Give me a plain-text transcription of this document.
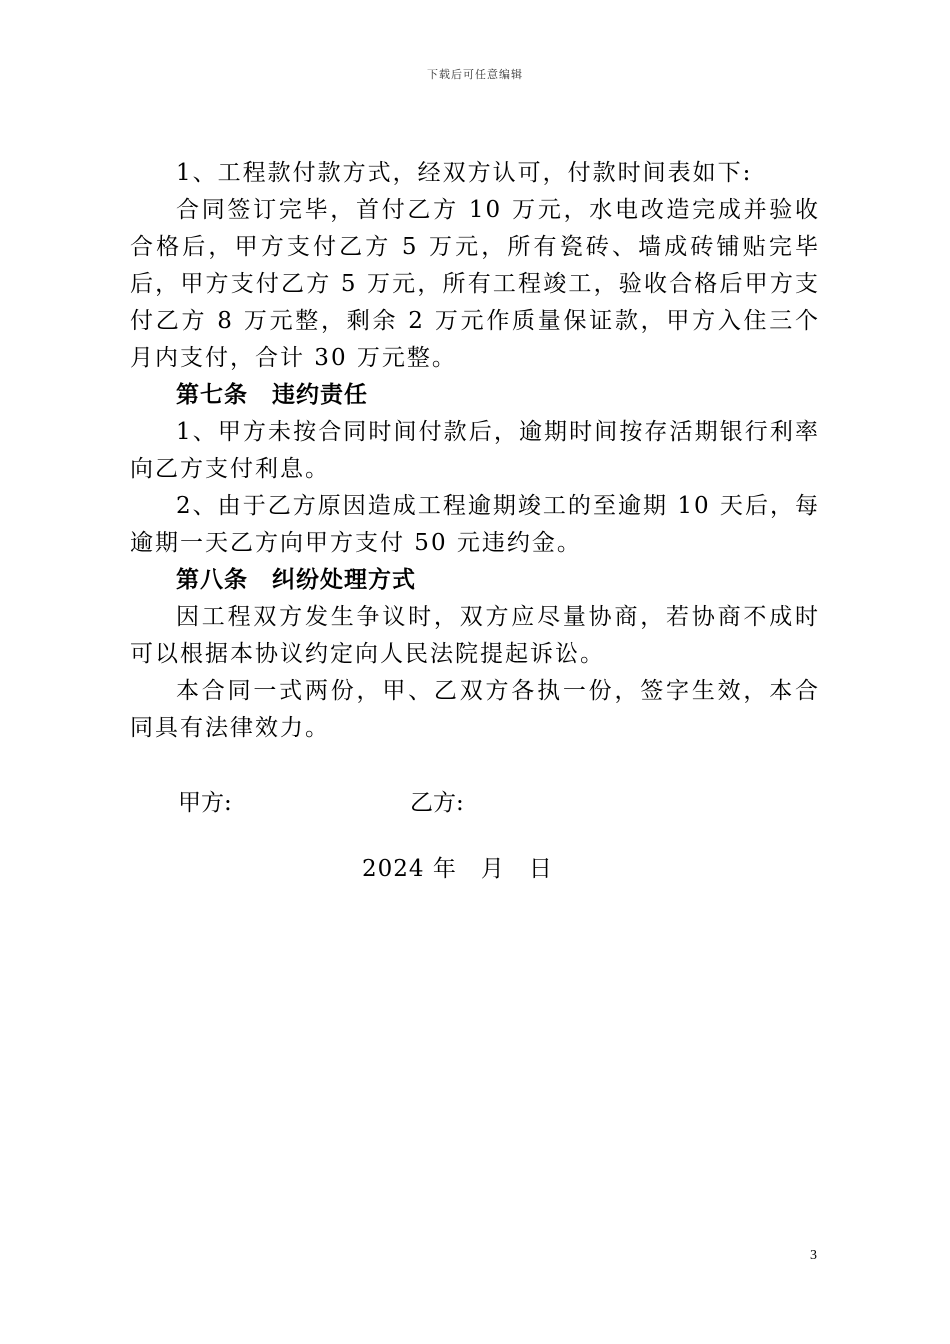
下载后可任意编辑

1、工程款付款方式，经双方认可，付款时间表如下:

合同签订完毕，首付乙方 10 万元，水电改造完成并验收合格后，甲方支付乙方 5 万元，所有瓷砖、墙成砖铺贴完毕后，甲方支付乙方 5 万元，所有工程竣工，验收合格后甲方支付乙方 8 万元整，剩余 2 万元作质量保证款，甲方入住三个月内支付，合计 30 万元整。

第七条　违约责任

1、甲方未按合同时间付款后，逾期时间按存活期银行利率向乙方支付利息。

2、由于乙方原因造成工程逾期竣工的至逾期 10 天后，每逾期一天乙方向甲方支付 50 元违约金。

第八条　纠纷处理方式

因工程双方发生争议时，双方应尽量协商，若协商不成时可以根据本协议约定向人民法院提起诉讼。

本合同一式两份，甲、乙双方各执一份，签字生效，本合同具有法律效力。

甲方:	乙方:
2024 年　月　日
3
